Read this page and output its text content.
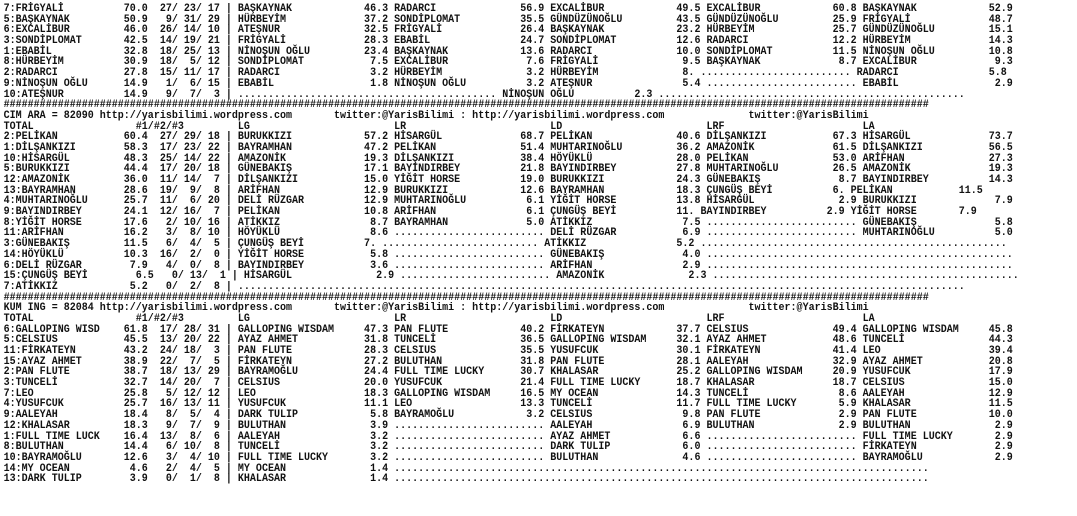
7:FRİGYALİ          70.0  27/ 23/ 17 | BAŞKAYNAK            46.3 RADARCI              56.9 EXCALİBUR            49.5 EXCALİBUR            60.8 BAŞKAYNAK            52.9
5:BAŞKAYNAK         50.9   9/ 31/ 29 | HÜRBEYİM             37.2 SONDİPLOMAT          35.5 GÜNDÜZÜNOĞLU         43.5 GÜNDÜZÜNOĞLU         25.9 FRİGYALİ             48.7
6:EXCALİBUR         46.0  26/ 14/ 10 | ATEŞNUR              32.5 FRİGYALİ             26.4 BAŞKAYNAK            23.2 HÜRBEYİM             25.7 GÜNDÜZÜNOĞLU         15.1
3:SONDİPLOMAT       42.5  14/ 19/ 21 | FRİGYALİ             28.3 EBABİL               24.7 SONDİPLOMAT          12.6 RADARCI              12.2 HÜRBEYİM             14.3
1:EBABİL            32.8  18/ 25/ 13 | NİNOŞUN OĞLU         23.4 BAŞKAYNAK            13.6 RADARCI              10.0 SONDİPLOMAT          11.5 NİNOŞUN OĞLU         10.8
8:HÜRBEYİM          30.9  18/  5/ 12 | SONDİPLOMAT           7.5 EXCALİBUR             7.6 FRİGYALİ              9.5 BAŞKAYNAK             8.7 EXCALİBUR             9.3
2:RADARCI           27.8  15/ 11/ 17 | RADARCI               3.2 HÜRBEYİM              3.2 HÜRBEYİM              8. ......................... RADARCI               5.8
9:NİNOŞUN OĞLU      14.9   1/  6/ 15 | EBABİL                1.8 NİNOŞUN OĞLU          3.2 ATEŞNUR               5.4 ......................... EBABİL                2.9
10:ATEŞNUR          14.9   9/  7/  3 | ........................................... NİNOŞUN OĞLU          2.3 ...................................................
##########################################################################################################################################################
CIM ARA = 82090 http://yarisbilimi.wordpress.com       twitter:@YarisBilimi : http://yarisbilimi.wordpress.com              twitter:@YarisBilimi
TOTAL                 #1/#2/#3         LG                        LR                        LD                        LRF                       LA
2:PELİKAN           60.4  27/ 29/ 18 | BURUKKIZI            57.2 HİSARGÜL             68.7 PELİKAN              40.6 DİLŞANKIZI           67.3 HİSARGÜL             73.7
1:DİLŞANKIZI        58.3  17/ 23/ 22 | BAYRAMHAN            47.2 PELİKAN              51.4 MUHTARINOĞLU         36.2 AMAZONİK             61.5 DİLŞANKIZI           56.5
10:HİSARGÜL         48.3  25/ 14/ 22 | AMAZONİK             19.3 DİLŞANKIZI           38.4 HÖYÜKLÜ              28.0 PELİKAN              53.0 ARİFHAN              27.3
5:BURUKKIZI         44.4  17/ 20/ 18 | GÜNEBAKIŞ            17.1 BAYINDIRBEY          21.8 BAYINDIRBEY          27.8 MUHTARINOĞLU         26.5 AMAZONİK             19.3
12:AMAZONİK         36.0  11/ 14/  7 | DİLŞANKIZI           15.0 YİĞİT HORSE          19.0 BURUKKIZI            24.3 GÜNEBAKIŞ             8.7 BAYINDIRBEY          14.3
13:BAYRAMHAN        28.6  19/  9/  8 | ARİFHAN              12.9 BURUKKIZI            12.6 BAYRAMHAN            18.3 ÇUNGÜŞ BEYİ          6. PELİKAN           11.5
4:MUHTARINOĞLU      25.7  11/  6/ 20 | DELİ RÜZGAR          12.9 MUHTARINOĞLU          6.1 YİĞİT HORSE          13.8 HİSARGÜL              2.9 BURUKKIZI             7.9
9:BAYINDIRBEY       24.1  12/ 16/  7 | PELİKAN              10.8 ARİFHAN               6.1 ÇUNGÜŞ BEYİ          11. BAYINDIRBEY          2.9 YİĞİT HORSE       7.9
8:YİĞİT HORSE       17.6   2/ 10/ 16 | ATİKKIZ               8.7 BAYRAMHAN             5.0 ATİKKIZ               7.5 ......................... GÜNEBAKIŞ             5.8
11:ARİFHAN          16.2   3/  8/ 10 | HÖYÜKLÜ               8.6 ......................... DELİ RÜZGAR           6.9 ......................... MUHTARINOĞLU          5.0
3:GÜNEBAKIŞ         11.5   6/  4/  5 | ÇUNGÜŞ BEYİ          7. .......................... ATİKKIZ               5.2 ...................................................
14:HÖYÜKLÜ          10.3  16/  2/  0 | YİĞİT HORSE           5.8 ......................... GÜNEBAKIŞ             4.0 ...................................................
6:DELİ RÜZGAR        7.9   4/  0/  8 | BAYINDIRBEY           3.6 ......................... ARİFHAN               2.9 ...................................................
15:ÇUNGÜŞ BEYİ        6.5   0/ 13/  1 | HİSARGÜL              2.9 ......................... AMAZONİK              2.3 ...................................................
7:ATİKKIZ            5.2   0/  2/  8 | .........................................................................................................................
##########################################################################################################################################################
KUM ING = 82084 http://yarisbilimi.wordpress.com       twitter:@YarisBilimi : http://yarisbilimi.wordpress.com              twitter:@YarisBilimi
TOTAL                 #1/#2/#3         LG                        LR                        LD                        LRF                       LA
6:GALLOPING WISD    61.8  17/ 28/ 31 | GALLOPING WISDAM     47.3 PAN FLUTE            40.2 FİRKATEYN            37.7 CELSIUS              49.4 GALLOPING WISDAM     45.8
5:CELSIUS           45.5  13/ 20/ 22 | AYAZ AHMET           31.8 TUNCELİ              36.5 GALLOPING WISDAM     32.1 AYAZ AHMET           48.6 TUNCELİ              44.3
11:FİRKATEYN        43.2  24/ 18/  3 | PAN FLUTE            28.3 CELSIUS              35.5 YUSUFCUK             30.1 FİRKATEYN            41.4 LEO                  39.4
15:AYAZ AHMET       38.9  22/  7/  5 | FİRKATEYN            27.2 BULUTHAN             31.8 PAN FLUTE            28.1 AALEYAH              32.9 AYAZ AHMET           20.8
2:PAN FLUTE         38.7  18/ 13/ 29 | BAYRAMOĞLU           24.4 FULL TIME LUCKY      30.7 KHALASAR             25.2 GALLOPING WISDAM     20.9 YUSUFCUK             17.9
3:TUNCELİ           32.7  14/ 20/  7 | CELSIUS              20.0 YUSUFCUK             21.4 FULL TIME LUCKY      18.7 KHALASAR             18.7 CELSIUS              15.0
7:LEO               25.8   5/ 12/ 12 | LEO                  18.3 GALLOPING WISDAM     16.5 MY OCEAN             14.3 TUNCELİ               8.6 AALEYAH              12.9
4:YUSUFCUK          25.7  16/ 13/ 11 | YUSUFCUK             11.1 LEO                  13.3 TUNCELİ              11.7 FULL TIME LUCKY       5.9 KHALASAR             11.5
9:AALEYAH           18.4   8/  5/  4 | DARK TULIP            5.8 BAYRAMOĞLU            3.2 CELSIUS               9.8 PAN FLUTE             2.9 PAN FLUTE            10.0
12:KHALASAR         18.3   9/  7/  9 | BULUTHAN              3.9 ......................... AALEYAH               6.9 BULUTHAN              2.9 BULUTHAN              2.9
1:FULL TIME LUCK    16.4  13/  8/  6 | AALEYAH               3.2 ......................... AYAZ AHMET            6.6 ......................... FULL TIME LUCKY       2.9
8:BULUTHAN          14.4   6/ 10/  8 | TUNCELİ               3.2 ......................... DARK TULIP            6.0 ......................... FİRKATEYN             2.9
10:BAYRAMOĞLU       12.6   3/  4/ 10 | FULL TIME LUCKY       3.2 ......................... BULUTHAN              4.6 ......................... BAYRAMOĞLU            2.9
14:MY OCEAN          4.6   2/  4/  5 | MY OCEAN              1.4 .........................................................................................
13:DARK TULIP        3.9   0/  1/  8 | KHALASAR              1.4 .........................................................................................
